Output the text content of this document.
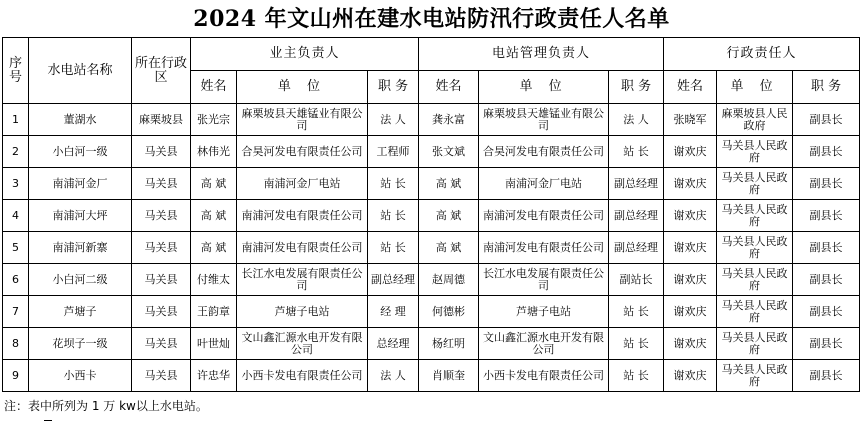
2024 年文山州在建水电站防汛行政责任人名单
序号	水电站名称	所在行政区	业主负责人			电站管理负责人			行政责任人		
			姓名	单 位	职 务	姓名	单 位	职 务	姓名	单 位	职 务
1	董湖水	麻栗坡县	张光宗	麻栗坡县天雄锰业有限公司	法 人	龚永富	麻栗坡县天雄锰业有限公司	法 人	张晓军	麻栗坡县人民政府	副县长
2	小白河一级	马关县	林伟光	合昊河发电有限责任公司	工程师	张文斌	合昊河发电有限责任公司	站 长	谢欢庆	马关县人民政府	副县长
3	南浦河金厂	马关县	高 斌	南浦河金厂电站	站 长	高 斌	南浦河金厂电站	副总经理	谢欢庆	马关县人民政府	副县长
4	南浦河大坪	马关县	高 斌	南浦河发电有限责任公司	站 长	高 斌	南浦河发电有限责任公司	副总经理	谢欢庆	马关县人民政府	副县长
5	南浦河新寨	马关县	高 斌	南浦河发电有限责任公司	站 长	高 斌	南浦河发电有限责任公司	副总经理	谢欢庆	马关县人民政府	副县长
6	小白河二级	马关县	付维太	长江水电发展有限责任公司	副总经理	赵周德	长江水电发展有限责任公司	副站长	谢欢庆	马关县人民政府	副县长
7	芦塘子	马关县	王韵章	芦塘子电站	经 理	何德彬	芦塘子电站	站 长	谢欢庆	马关县人民政府	副县长
8	花坝子一级	马关县	叶世灿	文山鑫汇源水电开发有限公司	总经理	杨红明	文山鑫汇源水电开发有限公司	站 长	谢欢庆	马关县人民政府	副县长
9	小西卡	马关县	许忠华	小西卡发电有限责任公司	法 人	肖顺奎	小西卡发电有限责任公司	站 长	谢欢庆	马关县人民政府	副县长
注：表中所列为 1 万 kw以上水电站。
